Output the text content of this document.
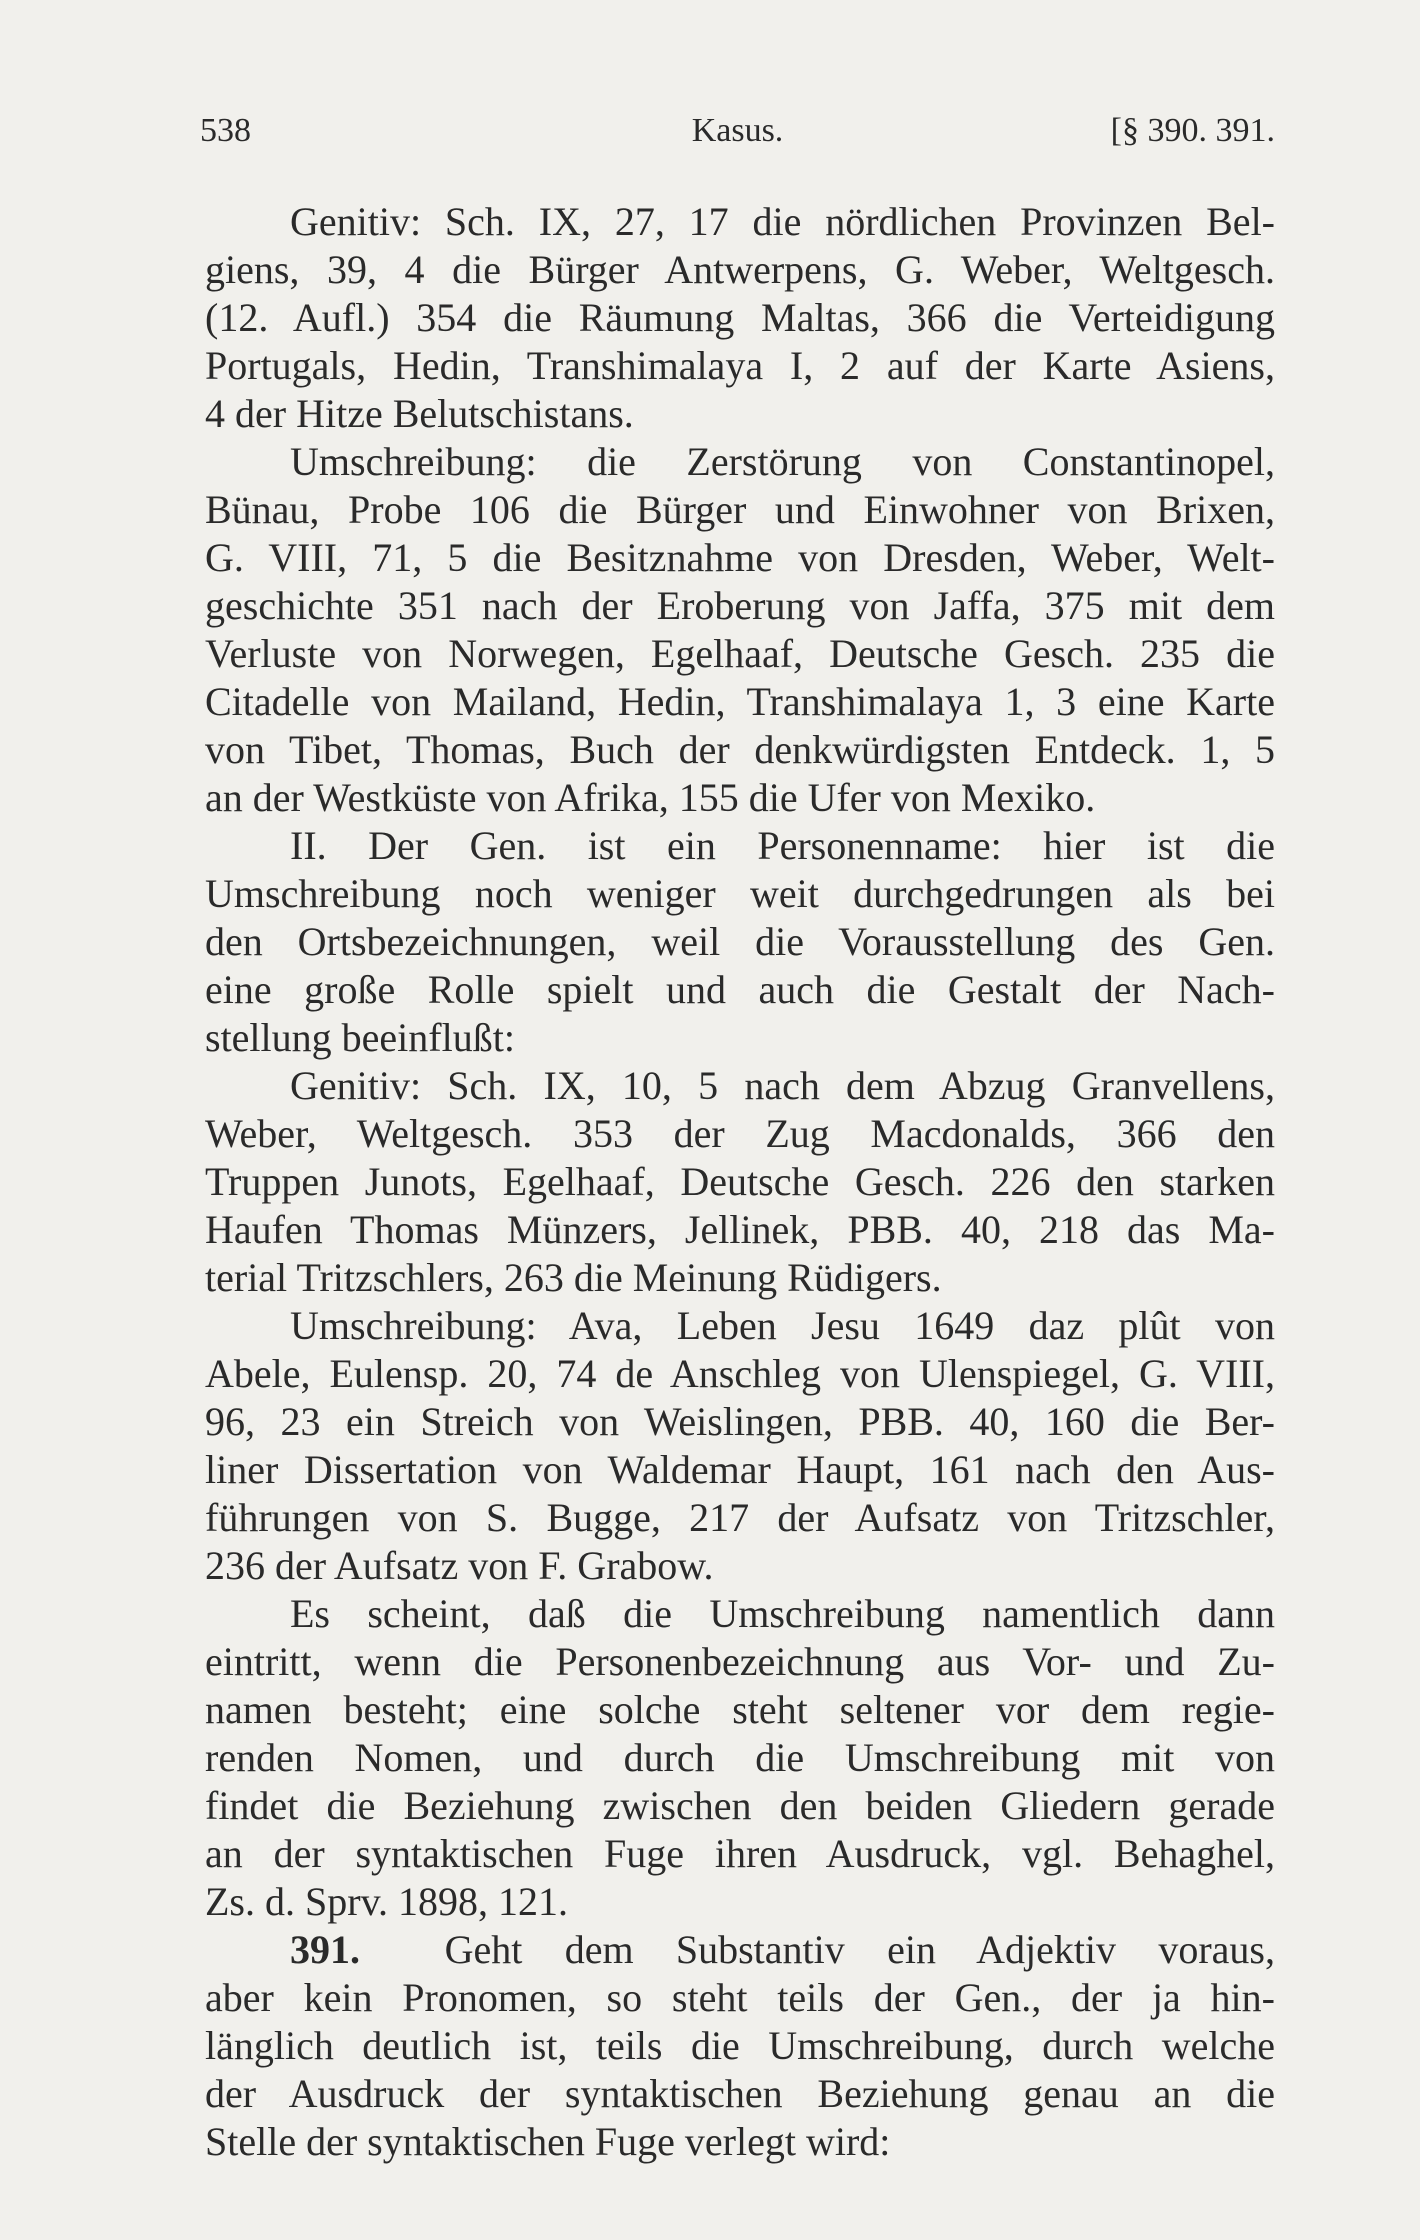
538	Kasus.	[§ 390. 391.
Genitiv: Sch. IX, 27, 17 die nördlichen Provinzen Bel-
giens, 39, 4 die Bürger Antwerpens, G. Weber, Weltgesch.
(12. Aufl.) 354 die Räumung Maltas, 366 die Verteidigung
Portugals, Hedin, Transhimalaya I, 2 auf der Karte Asiens,
4 der Hitze Belutschistans.
Umschreibung: die Zerstörung von Constantinopel,
Bünau, Probe 106 die Bürger und Einwohner von Brixen,
G. VIII, 71, 5 die Besitznahme von Dresden, Weber, Welt-
geschichte 351 nach der Eroberung von Jaffa, 375 mit dem
Verluste von Norwegen, Egelhaaf, Deutsche Gesch. 235 die
Citadelle von Mailand, Hedin, Transhimalaya 1, 3 eine Karte
von Tibet, Thomas, Buch der denkwürdigsten Entdeck. 1, 5
an der Westküste von Afrika, 155 die Ufer von Mexiko.
II. Der Gen. ist ein Personenname: hier ist die
Umschreibung noch weniger weit durchgedrungen als bei
den Ortsbezeichnungen, weil die Vorausstellung des Gen.
eine große Rolle spielt und auch die Gestalt der Nach-
stellung beeinflußt:
Genitiv: Sch. IX, 10, 5 nach dem Abzug Granvellens,
Weber, Weltgesch. 353 der Zug Macdonalds, 366 den
Truppen Junots, Egelhaaf, Deutsche Gesch. 226 den starken
Haufen Thomas Münzers, Jellinek, PBB. 40, 218 das Ma-
terial Tritzschlers, 263 die Meinung Rüdigers.
Umschreibung: Ava, Leben Jesu 1649 daz plût von
Abele, Eulensp. 20, 74 de Anschleg von Ulenspiegel, G. VIII,
96, 23 ein Streich von Weislingen, PBB. 40, 160 die Ber-
liner Dissertation von Waldemar Haupt, 161 nach den Aus-
führungen von S. Bugge, 217 der Aufsatz von Tritzschler,
236 der Aufsatz von F. Grabow.
Es scheint, daß die Umschreibung namentlich dann
eintritt, wenn die Personenbezeichnung aus Vor- und Zu-
namen besteht; eine solche steht seltener vor dem regie-
renden Nomen, und durch die Umschreibung mit von
findet die Beziehung zwischen den beiden Gliedern gerade
an der syntaktischen Fuge ihren Ausdruck, vgl. Behaghel,
Zs. d. Sprv. 1898, 121.
391. Geht dem Substantiv ein Adjektiv voraus,
aber kein Pronomen, so steht teils der Gen., der ja hin-
länglich deutlich ist, teils die Umschreibung, durch welche
der Ausdruck der syntaktischen Beziehung genau an die
Stelle der syntaktischen Fuge verlegt wird:
